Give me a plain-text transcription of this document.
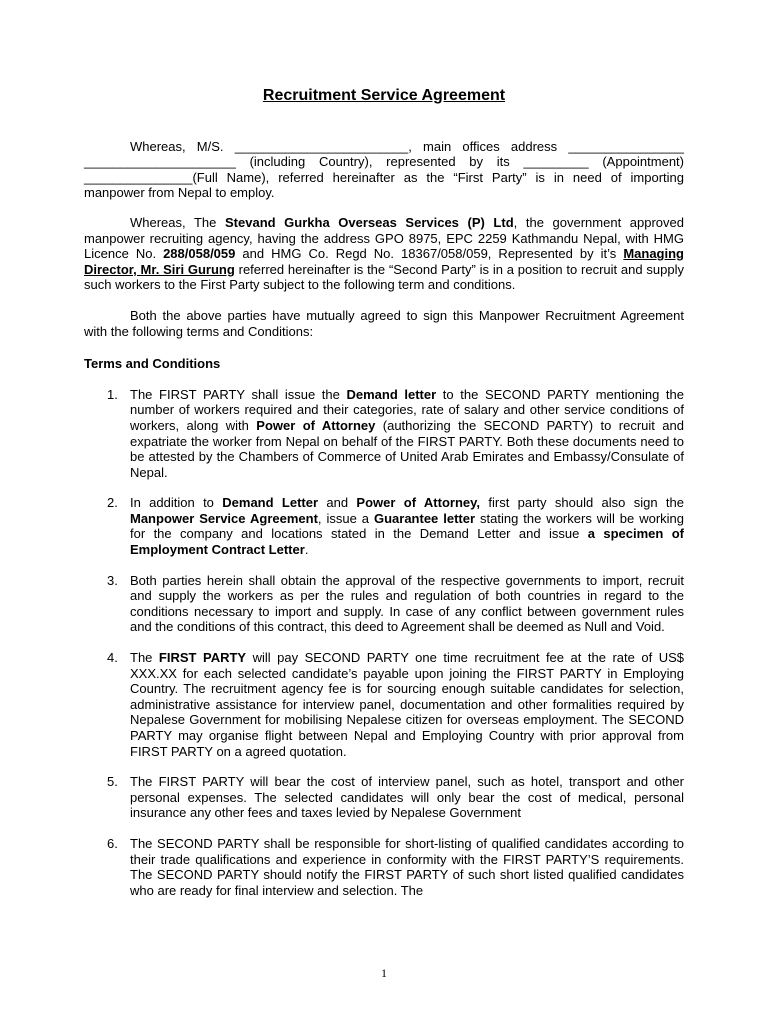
Recruitment Service Agreement

Whereas, M/S. ________________________, main offices address ________________ _____________________ (including Country), represented by its _________ (Appointment) _______________(Full Name), referred hereinafter as the “First Party” is in need of importing manpower from Nepal to employ.

Whereas, The Stevand Gurkha Overseas Services (P) Ltd, the government approved manpower recruiting agency, having the address GPO 8975, EPC 2259 Kathmandu Nepal, with HMG Licence No. 288/058/059 and HMG Co. Regd No. 18367/058/059, Represented by it’s Managing Director, Mr. Siri Gurung referred hereinafter is the “Second Party” is in a position to recruit and supply such workers to the First Party subject to the following term and conditions.

Both the above parties have mutually agreed to sign this Manpower Recruitment Agreement with the following terms and Conditions:

Terms and Conditions
1. The FIRST PARTY shall issue the Demand letter to the SECOND PARTY mentioning the number of workers required and their categories, rate of salary and other service conditions of workers, along with Power of Attorney (authorizing the SECOND PARTY) to recruit and expatriate the worker from Nepal on behalf of the FIRST PARTY. Both these documents need to be attested by the Chambers of Commerce of United Arab Emirates and Embassy/Consulate of Nepal.
2. In addition to Demand Letter and Power of Attorney, first party should also sign the Manpower Service Agreement, issue a Guarantee letter stating the workers will be working for the company and locations stated in the Demand Letter and issue a specimen of Employment Contract Letter.
3. Both parties herein shall obtain the approval of the respective governments to import, recruit and supply the workers as per the rules and regulation of both countries in regard to the conditions necessary to import and supply. In case of any conflict between government rules and the conditions of this contract, this deed to Agreement shall be deemed as Null and Void.
4. The FIRST PARTY will pay SECOND PARTY one time recruitment fee at the rate of US$ XXX.XX for each selected candidate’s payable upon joining the FIRST PARTY in Employing Country. The recruitment agency fee is for sourcing enough suitable candidates for selection, administrative assistance for interview panel, documentation and other formalities required by Nepalese Government for mobilising Nepalese citizen for overseas employment. The SECOND PARTY may organise flight between Nepal and Employing Country with prior approval from FIRST PARTY on a agreed quotation.
5. The FIRST PARTY will bear the cost of interview panel, such as hotel, transport and other personal expenses. The selected candidates will only bear the cost of medical, personal insurance any other fees and taxes levied by Nepalese Government
6. The SECOND PARTY shall be responsible for short-listing of qualified candidates according to their trade qualifications and experience in conformity with the FIRST PARTY’S requirements. The SECOND PARTY should notify the FIRST PARTY of such short listed qualified candidates who are ready for final interview and selection. The
1
